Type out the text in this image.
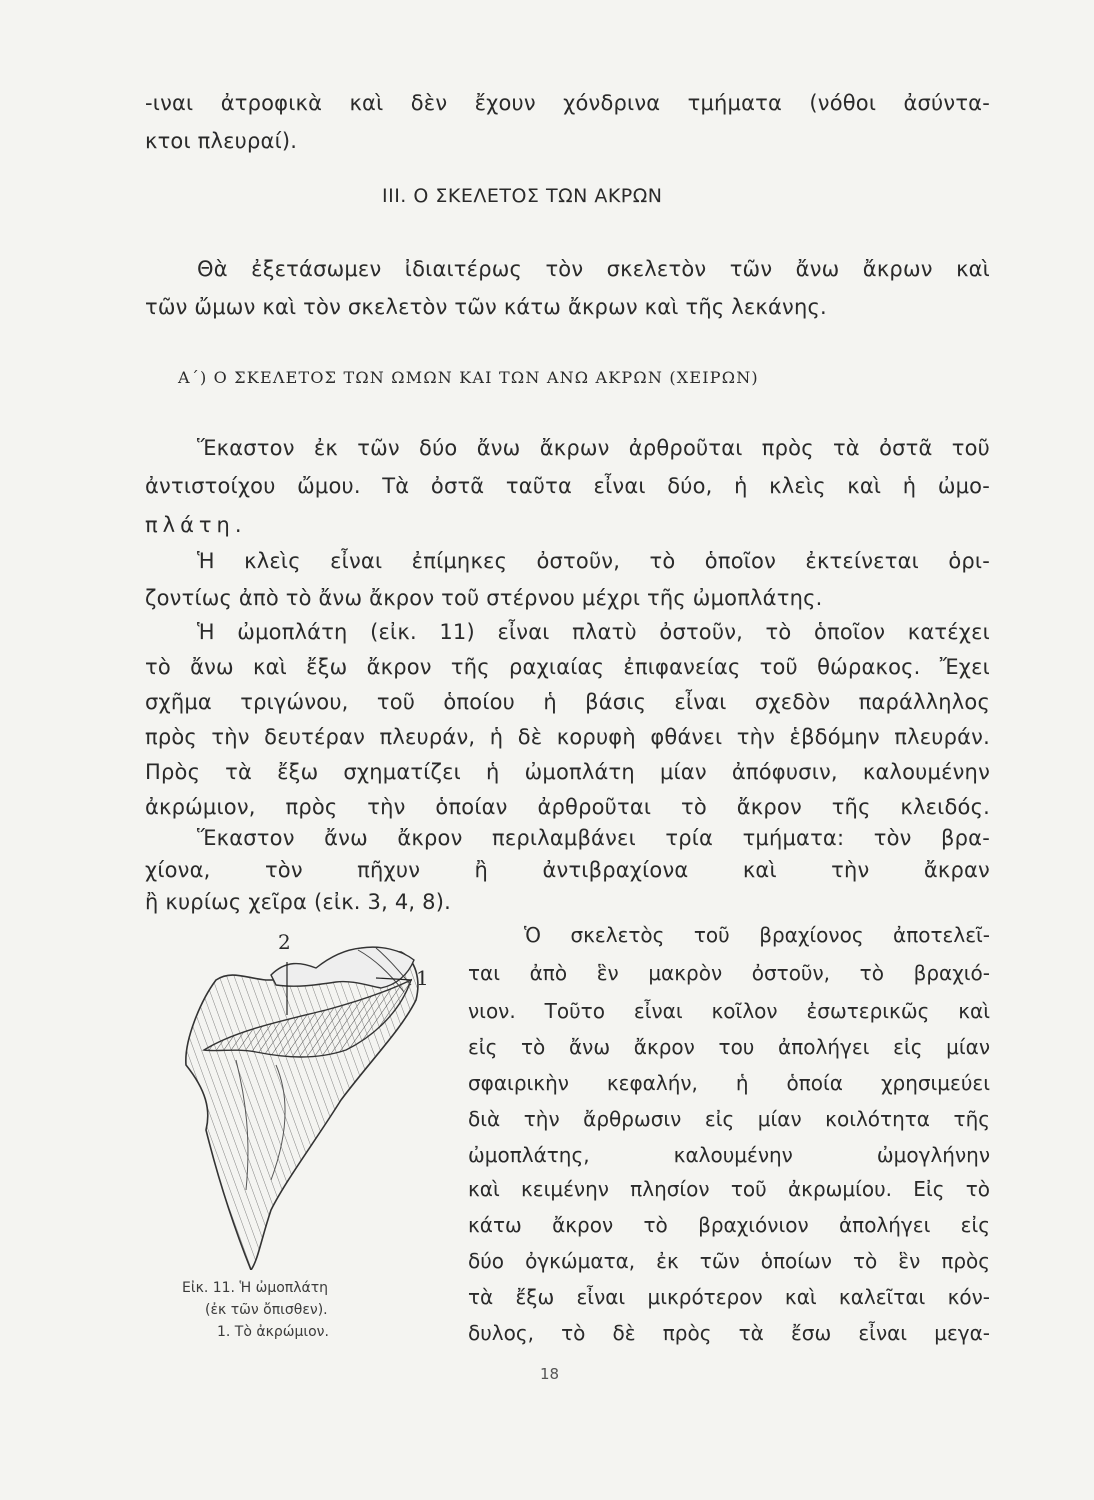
-ιναι ἀτροφικὰ καὶ δὲν ἔχουν χόνδρινα τμήματα (νόθοι ἀσύντα-
κτοι πλευραί).
III. Ο ΣΚΕΛΕΤΟΣ ΤΩΝ ΑΚΡΩΝ
Θὰ ἐξετάσωμεν ἰδιαιτέρως τὸν σκελετὸν τῶν ἄνω ἄκρων καὶ
τῶν ὤμων καὶ τὸν σκελετὸν τῶν κάτω ἄκρων καὶ τῆς λεκάνης.
Α΄) Ο ΣΚΕΛΕΤΟΣ ΤΩΝ ΩΜΩΝ ΚΑΙ ΤΩΝ ΑΝΩ ΑΚΡΩΝ (ΧΕΙΡΩΝ)
Ἕκαστον ἐκ τῶν δύο ἄνω ἄκρων ἀρθροῦται πρὸς τὰ ὀστᾶ τοῦ
ἀντιστοίχου ὤμου. Τὰ ὀστᾶ ταῦτα εἶναι δύο, ἡ κλεὶς καὶ ἡ ὠμο-
πλάτη.
Ἡ κλεὶς εἶναι ἐπίμηκες ὀστοῦν, τὸ ὁποῖον ἐκτείνεται ὁρι-
ζοντίως ἀπὸ τὸ ἄνω ἄκρον τοῦ στέρνου μέχρι τῆς ὠμοπλάτης.
Ἡ ὠμοπλάτη (εἰκ. 11) εἶναι πλατὺ ὀστοῦν, τὸ ὁποῖον κατέχει
τὸ ἄνω καὶ ἔξω ἄκρον τῆς ραχιαίας ἐπιφανείας τοῦ θώρακος. Ἔχει
σχῆμα τριγώνου, τοῦ ὁποίου ἡ βάσις εἶναι σχεδὸν παράλληλος
πρὸς τὴν δευτέραν πλευράν, ἡ δὲ κορυφὴ φθάνει τὴν ἑβδόμην πλευράν.
Πρὸς τὰ ἔξω σχηματίζει ἡ ὠμοπλάτη μίαν ἀπόφυσιν, καλουμένην
ἀκρώμιον, πρὸς τὴν ὁποίαν ἀρθροῦται τὸ ἄκρον τῆς κλειδός.
Ἕκαστον ἄνω ἄκρον περιλαμβάνει τρία τμήματα: τὸν βρα-
χίονα, τὸν πῆχυν ἢ ἀντιβραχίονα καὶ τὴν ἄκραν
ἢ κυρίως χεῖρα (εἰκ. 3, 4, 8).
2
1
Εἰκ. 11. Ἡ ὠμοπλάτη
(ἐκ τῶν ὄπισθεν).
1. Τὸ ἀκρώμιον.
Ὁ σκελετὸς τοῦ βραχίονος ἀποτελεῖ-
ται ἀπὸ ἓν μακρὸν ὀστοῦν, τὸ βραχιό-
νιον. Τοῦτο εἶναι κοῖλον ἐσωτερικῶς καὶ
εἰς τὸ ἄνω ἄκρον του ἀπολήγει εἰς μίαν
σφαιρικὴν κεφαλήν, ἡ ὁποία χρησιμεύει
διὰ τὴν ἄρθρωσιν εἰς μίαν κοιλότητα τῆς
ὠμοπλάτης, καλουμένην ὠμογλήνην
καὶ κειμένην πλησίον τοῦ ἀκρωμίου. Εἰς τὸ
κάτω ἄκρον τὸ βραχιόνιον ἀπολήγει εἰς
δύο ὀγκώματα, ἐκ τῶν ὁποίων τὸ ἓν πρὸς
τὰ ἔξω εἶναι μικρότερον καὶ καλεῖται κόν-
δυλος, τὸ δὲ πρὸς τὰ ἔσω εἶναι μεγα-
18
